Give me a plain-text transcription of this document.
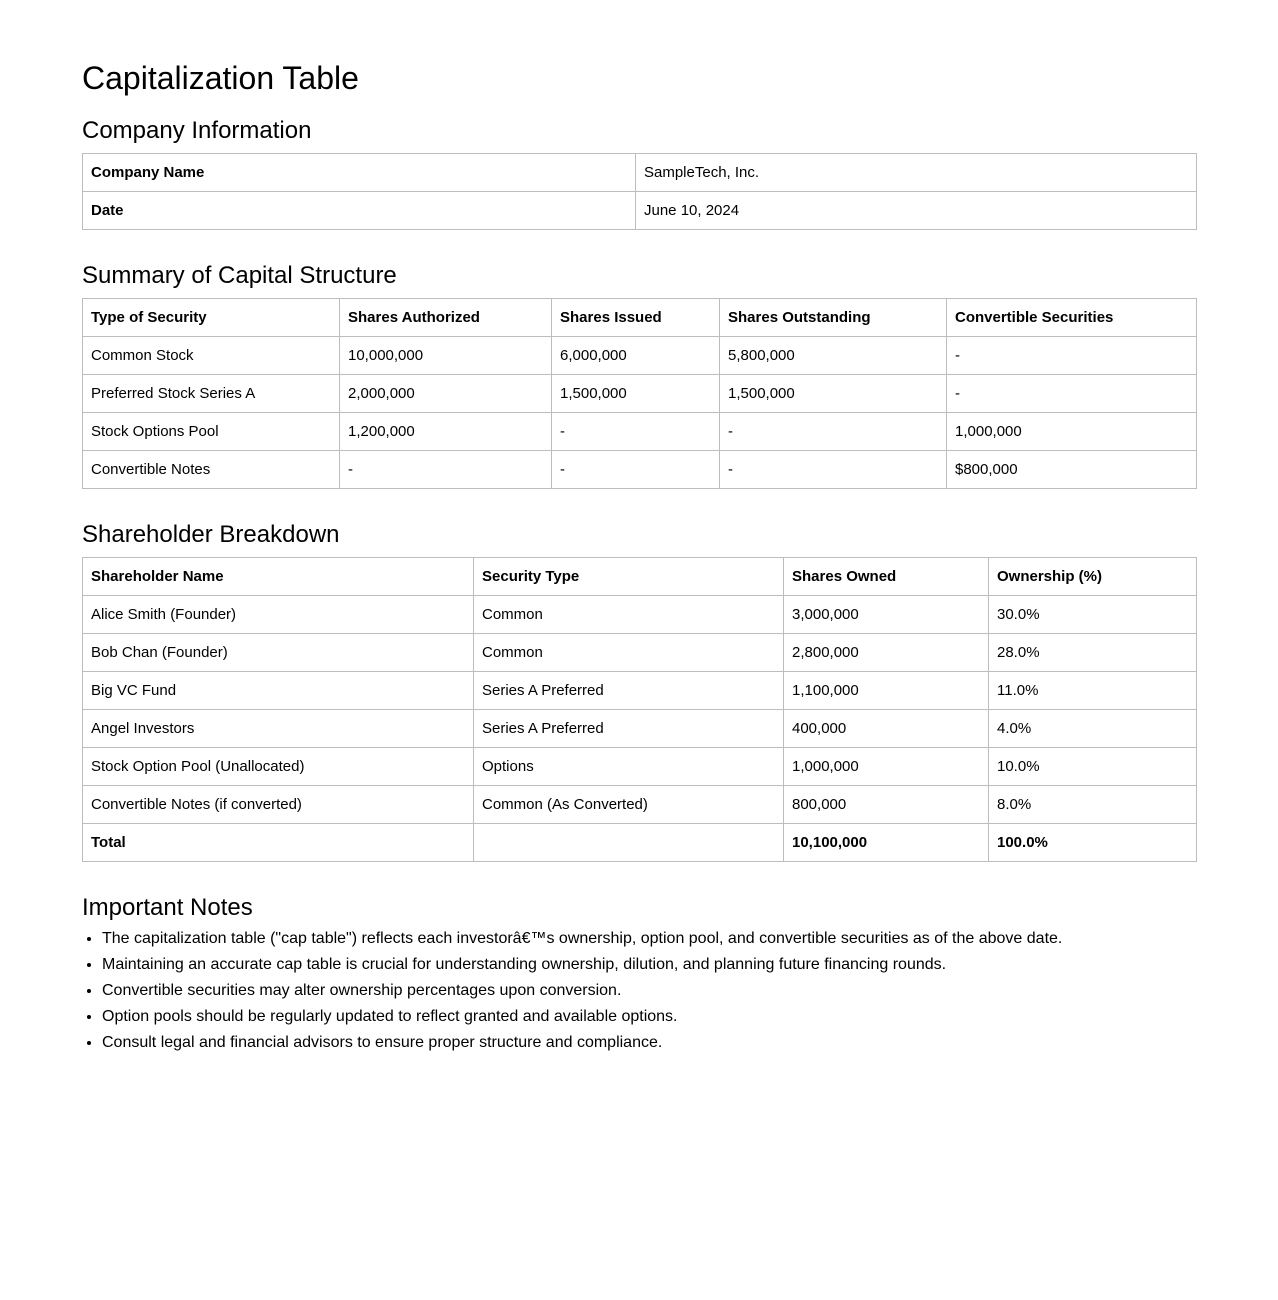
Capitalization Table
Company Information
Company Name	SampleTech, Inc.
Date	June 10, 2024
Summary of Capital Structure
Type of Security	Shares Authorized	Shares Issued	Shares Outstanding	Convertible Securities
Common Stock	10,000,000	6,000,000	5,800,000	-
Preferred Stock Series A	2,000,000	1,500,000	1,500,000	-
Stock Options Pool	1,200,000	-	-	1,000,000
Convertible Notes	-	-	-	$800,000
Shareholder Breakdown
Shareholder Name	Security Type	Shares Owned	Ownership (%)
Alice Smith (Founder)	Common	3,000,000	30.0%
Bob Chan (Founder)	Common	2,800,000	28.0%
Big VC Fund	Series A Preferred	1,100,000	11.0%
Angel Investors	Series A Preferred	400,000	4.0%
Stock Option Pool (Unallocated)	Options	1,000,000	10.0%
Convertible Notes (if converted)	Common (As Converted)	800,000	8.0%
Total		10,100,000	100.0%
Important Notes
• The capitalization table ("cap table") reflects each investorâ€™s ownership, option pool, and convertible securities as of the above date.
• Maintaining an accurate cap table is crucial for understanding ownership, dilution, and planning future financing rounds.
• Convertible securities may alter ownership percentages upon conversion.
• Option pools should be regularly updated to reflect granted and available options.
• Consult legal and financial advisors to ensure proper structure and compliance.
